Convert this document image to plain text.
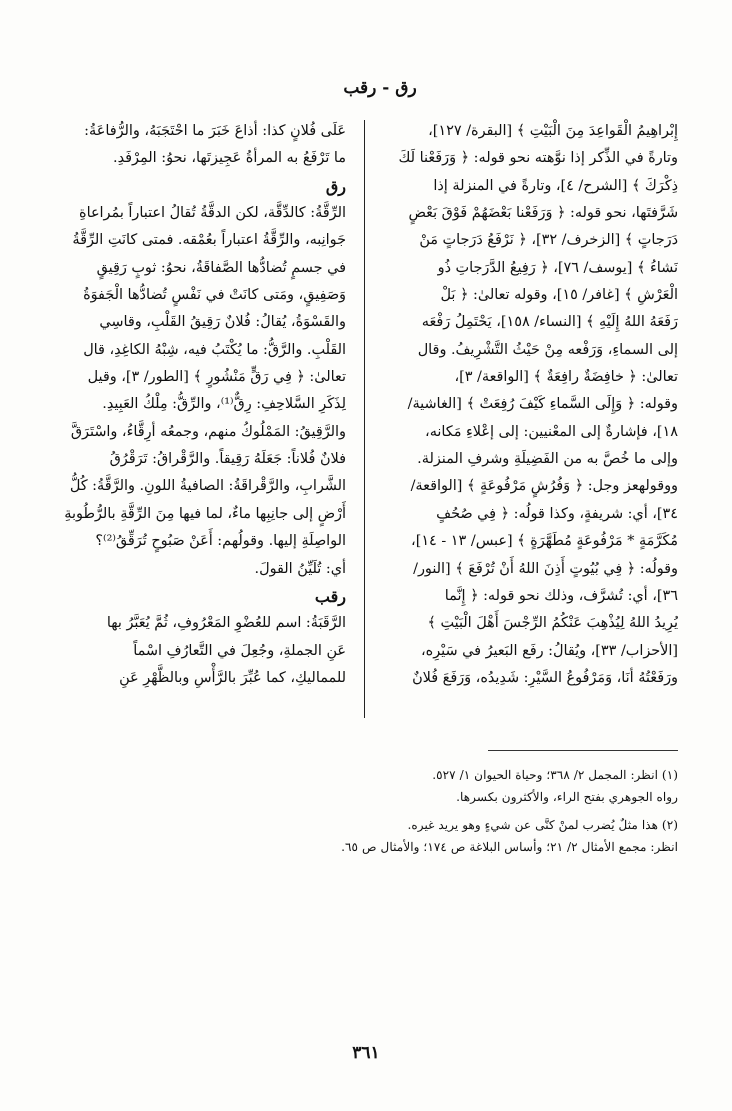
رق - رقب

إِبْراهِيمُ الْقَواعِدَ مِنَ الْبَيْتِ ﴾ [البقرة/ ١٢٧]،

وتارةً في الذِّكر إذا نوَّهته نحو قوله: ﴿ وَرَفَعْنا لَكَ

ذِكْرَكَ ﴾ [الشرح/ ٤]، وتارةً في المنزلة إذا

شَرَّفتَها، نحو قوله: ﴿ وَرَفَعْنا بَعْضَهُمْ فَوْقَ بَعْضٍ

دَرَجاتٍ ﴾ [الزخرف/ ٣٢]، ﴿ نَرْفَعُ دَرَجاتٍ مَنْ

نَشاءُ ﴾ [يوسف/ ٧٦]، ﴿ رَفِيعُ الدَّرَجاتِ ذُو

الْعَرْشِ ﴾ [غافر/ ١٥]، وقوله تعالىٰ: ﴿ بَلْ

رَفَعَهُ اللهُ إِلَيْهِ ﴾ [النساء/ ١٥٨]، يَحْتَمِلُ رَفْعَه

إلى السماءِ، وَرَفْعه مِنْ حَيْثُ التَّشْرِيفُ. وقال

تعالىٰ: ﴿ خافِضَةٌ رافِعَةٌ ﴾ [الواقعة/ ٣]،

وقوله: ﴿ وَإِلَى السَّماءِ كَيْفَ رُفِعَتْ ﴾ [الغاشية/

١٨]، فإشارةٌ إلى المعْنيين: إلى إعْلاءِ مَكانه،

وإلى ما خُصَّ به من الفَضِيلَةِ وشرفِ المنزلة.

ووقولهعز وجل: ﴿ وَفُرُشٍ مَرْفُوعَةٍ ﴾ [الواقعة/

٣٤]، أي: شريفةٍ، وكذا قولُه: ﴿ فِي صُحُفٍ

مُكَرَّمَةٍ * مَرْفُوعَةٍ مُطَهَّرَةٍ ﴾ [عبس/ ١٣ - ١٤]،

وقولُه: ﴿ فِي بُيُوتٍ أَذِنَ اللهُ أَنْ تُرْفَعَ ﴾ [النور/

٣٦]، أي: تُشرَّف، وذلك نحو قوله: ﴿ إِنَّما

يُرِيدُ اللهُ لِيُذْهِبَ عَنْكُمُ الرِّجْسَ أَهْلَ الْبَيْتِ ﴾

[الأحزاب/ ٣٣]، ويُقالُ: رفَع البَعيرُ في سَيْرِه،

ورَفَعْتُهُ أنَا، وَمَرْفُوعُ السَّيْرِ: شَدِيدُه، وَرَفَعَ فُلانٌ

عَلَى فُلانٍ كذا: أذاعَ خَبَرَ ما احْتَجَبَهُ، والرُّفاعَةُ:

ما تَرْفَعُ به المرأةُ عَجِيزتَها، نحوُ: المِرْفَدِ.

رق

الرِّقَّةُ: كالدِّقَّة، لكن الدقَّةُ تُقالُ اعتباراً بمُراعاةِ

جَوانِبه، والرِّقَّةُ اعتباراً بعُمْقه. فمتى كانَتِ الرِّقَّةُ

في جسمٍ تُضادُّها الصَّفاقَةُ، نحوُ: ثوبٍ رَقِيقٍ

وَصَفِيقٍ، ومَتى كانَتْ في نَفْسٍ تُضادُّها الْجَفوَةُ

والقَسْوَةُ، يُقالُ: فُلانٌ رَقِيقُ القَلْبِ، وقاسِي

القَلْبِ. والرَّقُّ: ما يُكْتَبُ فيه، شِبْهُ الكاغِدِ، قال

تعالىٰ: ﴿ فِي رَقٍّ مَنْشُورٍ ﴾ [الطور/ ٣]، وقيل

لِذَكَرِ السَّلاحِفِ: رِقٌّ⁽¹⁾، والرِّقُّ: مِلْكُ العَبِيدِ.

والرَّقِيقُ: المَمْلُوكُ منهم، وجمعُه أرِقَّاءُ، واسْتَرَقَّ

فلانٌ فُلاناً: جَعَلَهُ رَقِيقاً. والرَّقْراقُ: تَرَقْرُقُ

الشَّرابِ، والرَّقْراقَةُ: الصافيةُ اللونِ. والرَّقَّةُ: كُلُّ

أَرْضٍ إلى جانِبِها ماءٌ، لما فيها مِنَ الرِّقَّةِ بالرُّطُوبةِ

الواصِلَةِ إليها. وقولُهم: أَعَنْ صَبُوحٍ تُرَقِّقُ⁽²⁾؟

أي: تُلَيِّنُ القولَ.

رقب

الرَّقَبَةُ: اسم للعُضْوِ المَعْرُوفِ، ثُمَّ يُعَبَّرُ بها

عَنِ الجملةِ، وجُعِلَ في التَّعارُفِ اسْماً

للمماليكِ، كما عُبِّرَ بالرَّأْسِ وبالظَّهْرِ عَنِ

(١) انظر: المجمل ٢/ ٣٦٨؛ وحياة الحيوان ١/ ٥٢٧.

رواه الجوهري بفتح الراء، والأكثرون بكسرها.

(٢) هذا مثلٌ يُضرب لمنْ كنَّى عن شيءٍ وهو يريد غيره.

انظر: مجمع الأمثال ٢/ ٢١؛ وأساس البلاغة ص ١٧٤؛ والأمثال ص ٦٥.

٣٦١
